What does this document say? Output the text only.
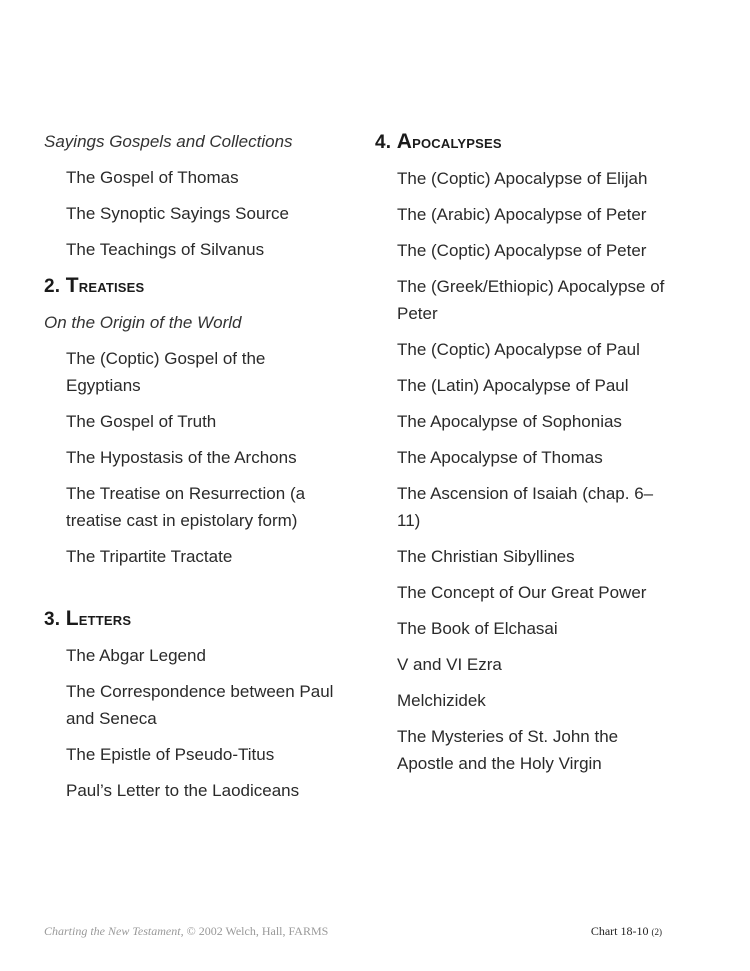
Sayings Gospels and Collections
The Gospel of Thomas
The Synoptic Sayings Source
The Teachings of Silvanus
2. Treatises
On the Origin of the World
The (Coptic) Gospel of the Egyptians
The Gospel of Truth
The Hypostasis of the Archons
The Treatise on Resurrection (a treatise cast in epistolary form)
The Tripartite Tractate
3. Letters
The Abgar Legend
The Correspondence between Paul and Seneca
The Epistle of Pseudo-Titus
Paul’s Letter to the Laodiceans
4. Apocalypses
The (Coptic) Apocalypse of Elijah
The (Arabic) Apocalypse of Peter
The (Coptic) Apocalypse of Peter
The (Greek/Ethiopic) Apocalypse of Peter
The (Coptic) Apocalypse of Paul
The (Latin) Apocalypse of Paul
The Apocalypse of Sophonias
The Apocalypse of Thomas
The Ascension of Isaiah (chap. 6–11)
The Christian Sibyllines
The Concept of Our Great Power
The Book of Elchasai
V and VI Ezra
Melchizidek
The Mysteries of St. John the Apostle and the Holy Virgin
Charting the New Testament, © 2002 Welch, Hall, FARMS	Chart 18-10 (2)
